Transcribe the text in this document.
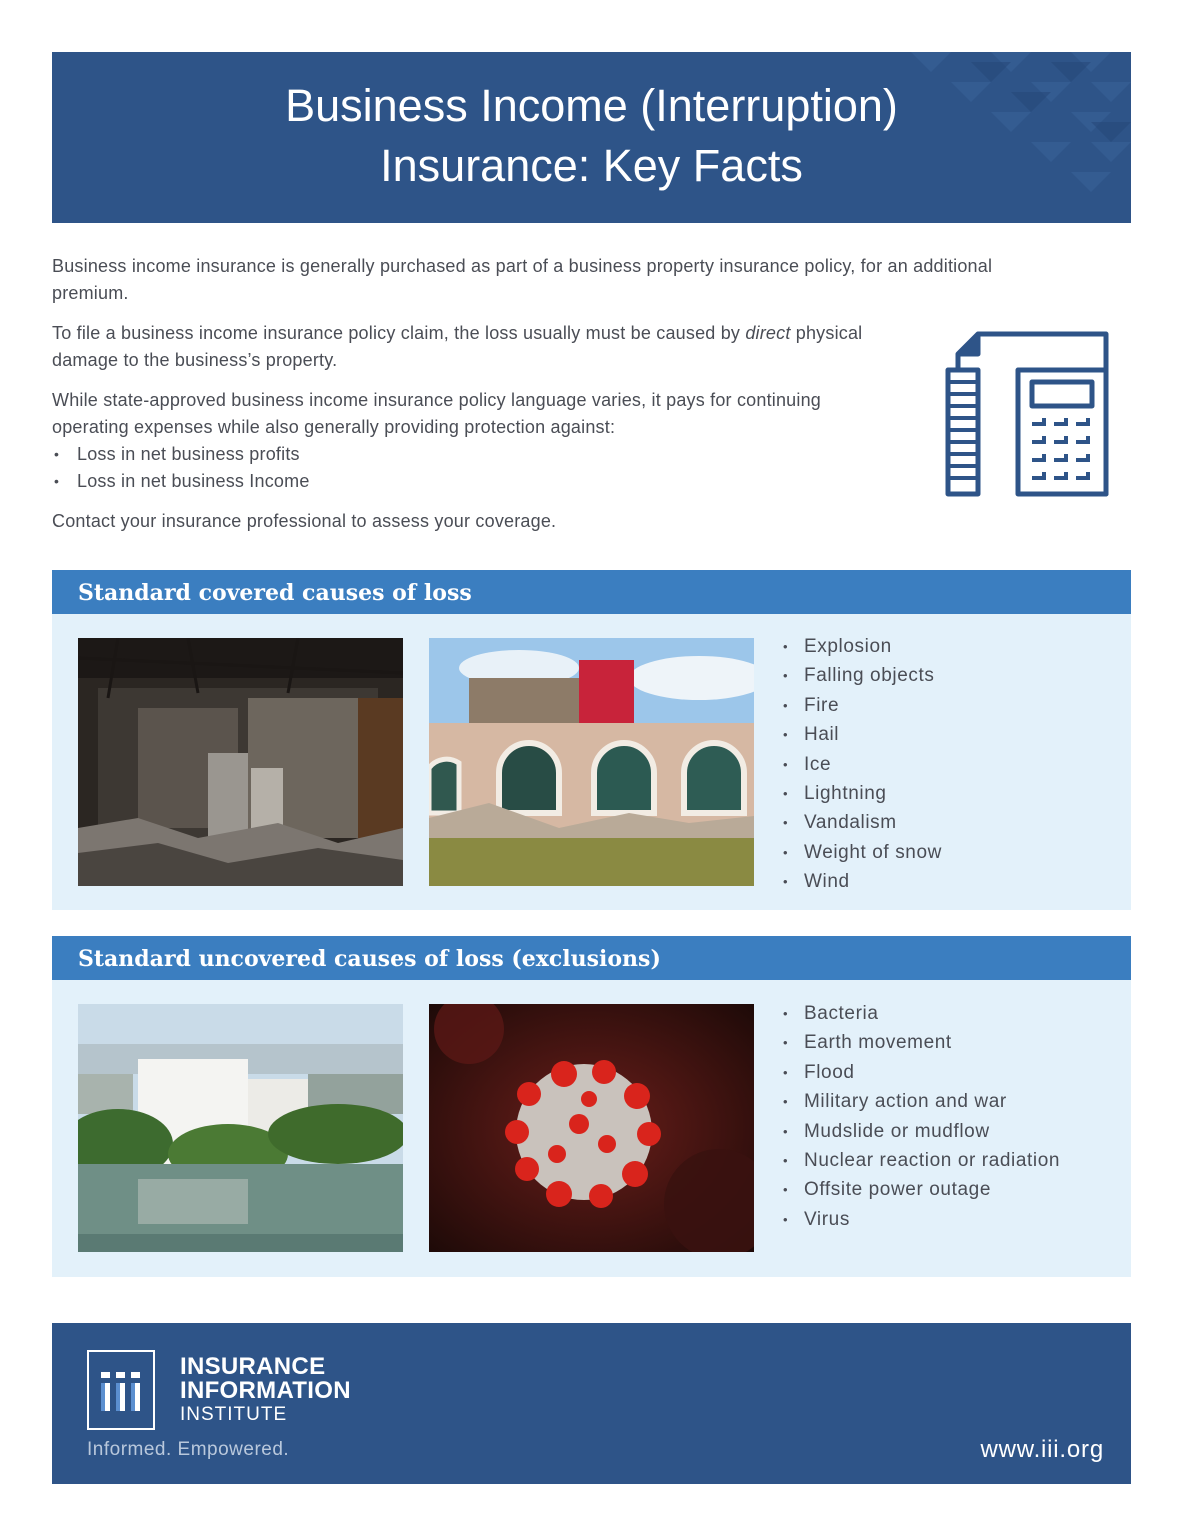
Business Income (Interruption)
Insurance: Key Facts

Business income insurance is generally purchased as part of a business property insurance policy, for an additional premium.

To file a business income insurance policy claim, the loss usually must be caused by direct physical damage to the business’s property.

While state-approved business income insurance policy language varies, it pays for continuing operating expenses while also generally providing protection against:

• Loss in net business profits
• Loss in net business Income

Contact your insurance professional to assess your coverage.

Standard covered causes of loss
• Explosion
• Falling objects
• Fire
• Hail
• Ice
• Lightning
• Vandalism
• Weight of snow
• Wind
Standard uncovered causes of loss (exclusions)
• Bacteria
• Earth movement
• Flood
• Military action and war
• Mudslide or mudflow
• Nuclear reaction or radiation
• Offsite power outage
• Virus
INSURANCE
INFORMATION
INSTITUTE
Informed. Empowered.	www.iii.org
